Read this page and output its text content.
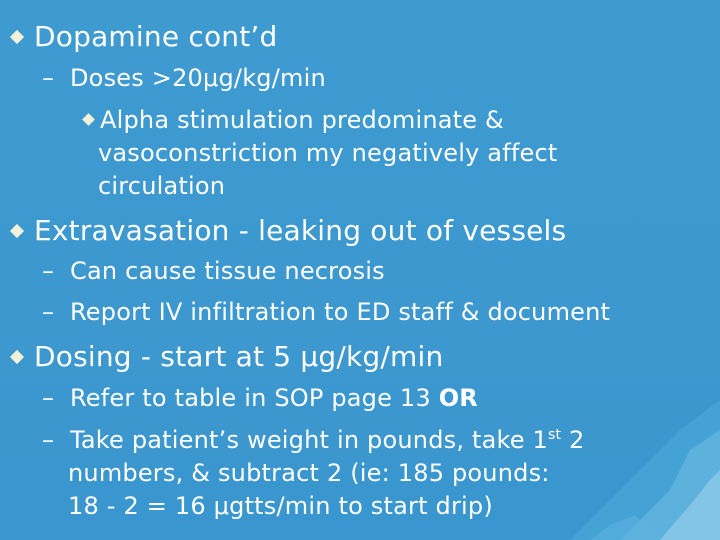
Dopamine cont’d
– Doses >20μg/kg/min
Alpha stimulation predominate &
vasoconstriction my negatively affect
circulation
Extravasation - leaking out of vessels
– Can cause tissue necrosis
– Report IV infiltration to ED staff & document
Dosing - start at 5 μg/kg/min
– Refer to table in SOP page 13 OR
– Take patient’s weight in pounds, take 1st 2
numbers, & subtract 2 (ie: 185 pounds:
18 - 2 = 16 μgtts/min to start drip)
